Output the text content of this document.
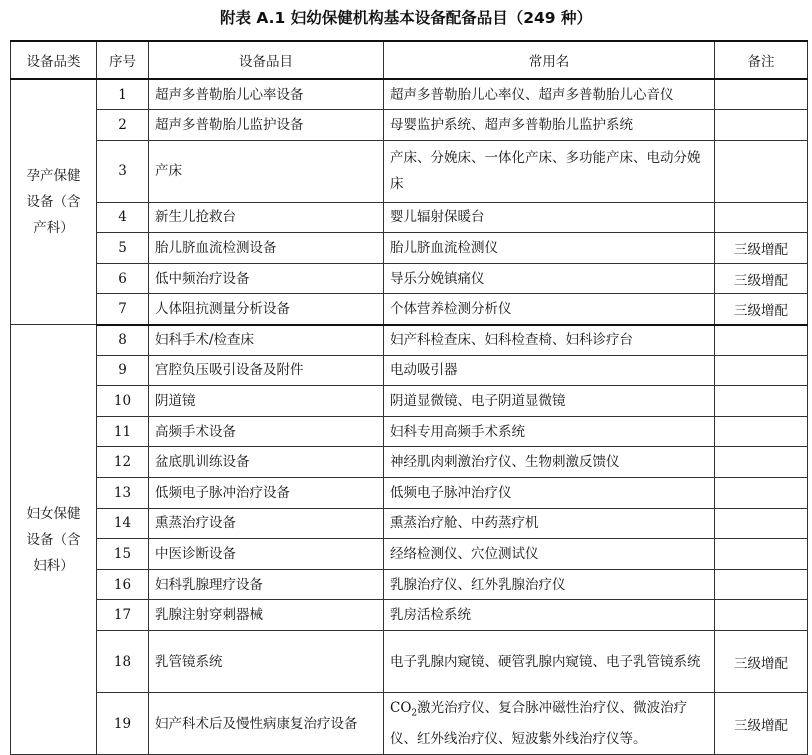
附表 A.1 妇幼保健机构基本设备配备品目（249 种）
设备品类	序号	设备品目	常用名	备注
孕产保健设备（含产科）	1	超声多普勒胎儿心率设备	超声多普勒胎儿心率仪、超声多普勒胎儿心音仪	
	2	超声多普勒胎儿监护设备	母婴监护系统、超声多普勒胎儿监护系统	
	3	产床	产床、分娩床、一体化产床、多功能产床、电动分娩床	
	4	新生儿抢救台	婴儿辐射保暖台	
	5	胎儿脐血流检测设备	胎儿脐血流检测仪	三级增配
	6	低中频治疗设备	导乐分娩镇痛仪	三级增配
	7	人体阻抗测量分析设备	个体营养检测分析仪	三级增配
妇女保健设备（含妇科）	8	妇科手术/检查床	妇产科检查床、妇科检查椅、妇科诊疗台	
	9	宫腔负压吸引设备及附件	电动吸引器	
	10	阴道镜	阴道显微镜、电子阴道显微镜	
	11	高频手术设备	妇科专用高频手术系统	
	12	盆底肌训练设备	神经肌肉刺激治疗仪、生物刺激反馈仪	
	13	低频电子脉冲治疗设备	低频电子脉冲治疗仪	
	14	熏蒸治疗设备	熏蒸治疗舱、中药蒸疗机	
	15	中医诊断设备	经络检测仪、穴位测试仪	
	16	妇科乳腺理疗设备	乳腺治疗仪、红外乳腺治疗仪	
	17	乳腺注射穿刺器械	乳房活检系统	
	18	乳管镜系统	电子乳腺内窥镜、硬管乳腺内窥镜、电子乳管镜系统	三级增配
	19	妇产科术后及慢性病康复治疗设备	$CO_2$激光治疗仪、复合脉冲磁性治疗仪、微波治疗仪、红外线治疗仪、短波紫外线治疗仪等。	三级增配
